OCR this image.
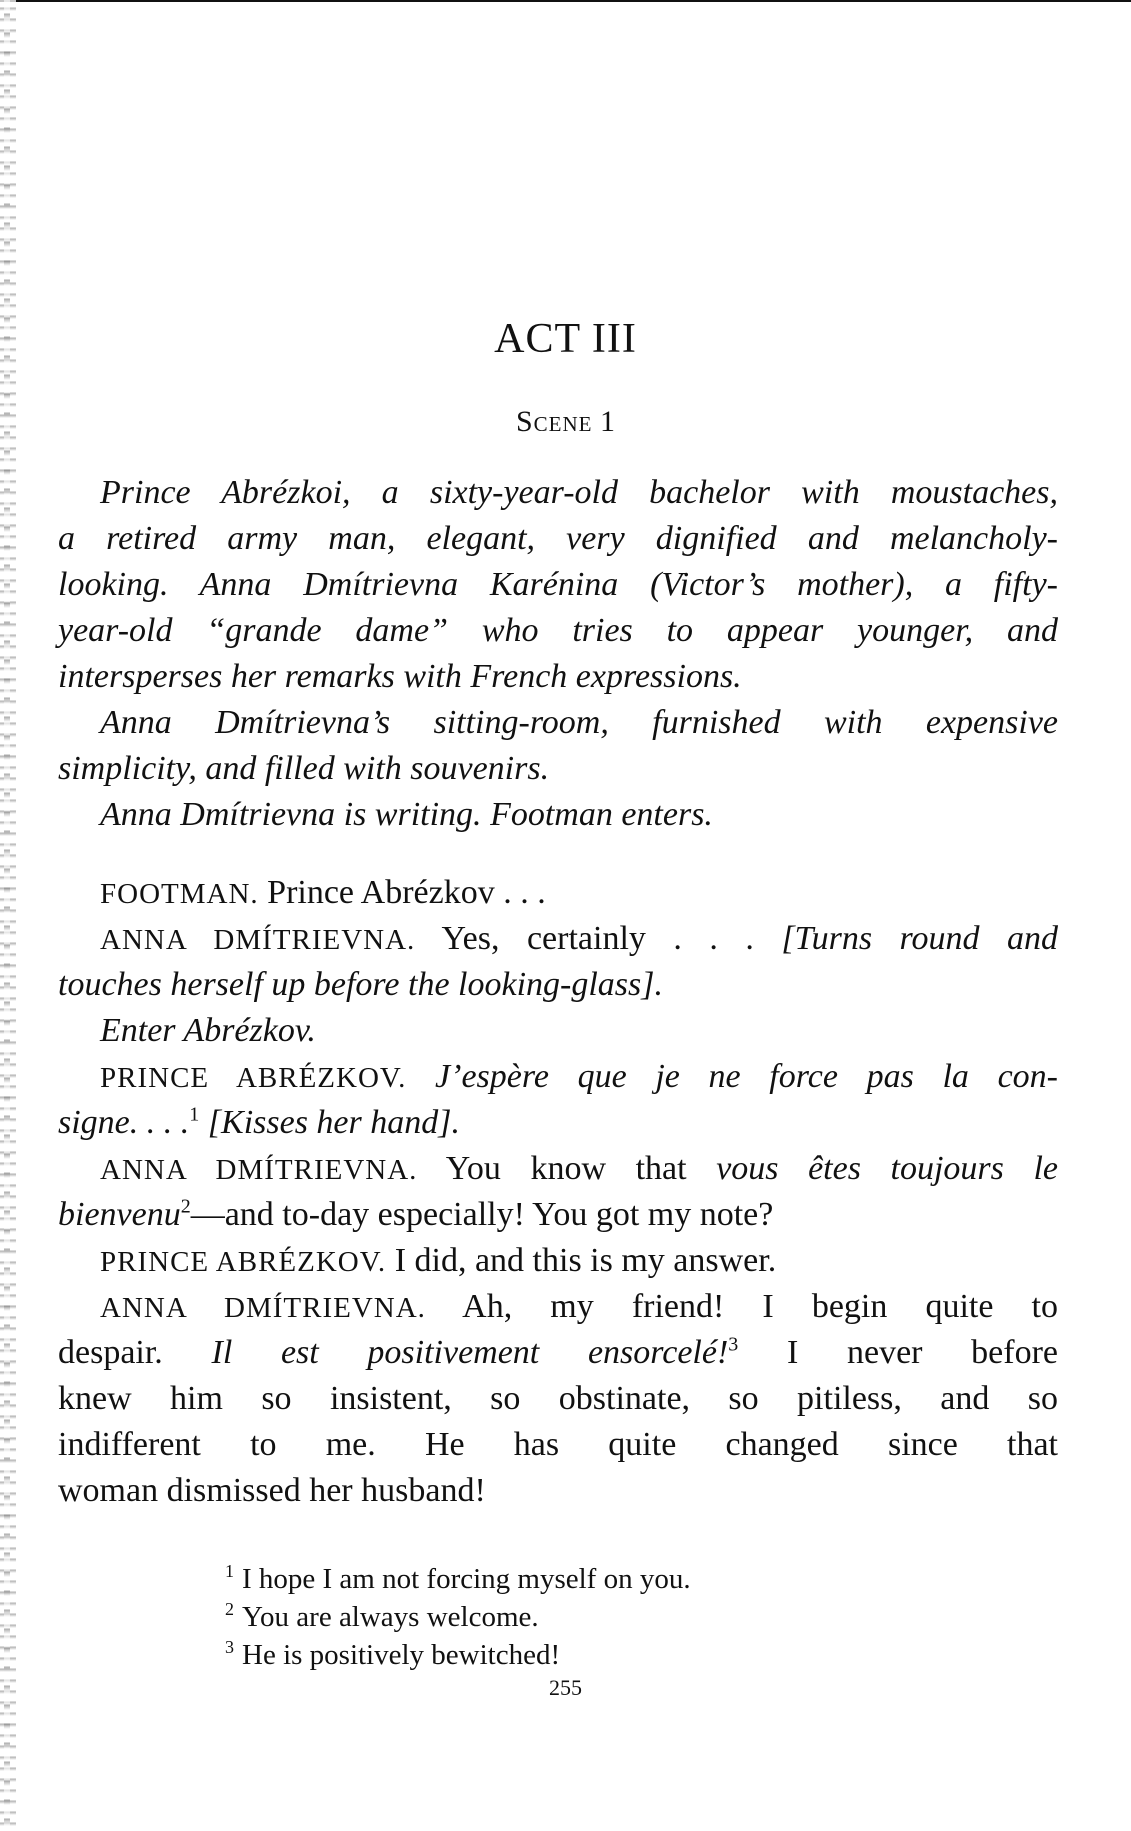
ACT III
Scene 1
Prince Abrézkoi, a sixty-year-old bachelor with moustaches,
a retired army man, elegant, very dignified and melancholy-
looking. Anna Dmítrievna Karénina (Victor’s mother), a fifty-
year-old “grande dame” who tries to appear younger, and
intersperses her remarks with French expressions.
Anna Dmítrievna’s sitting-room, furnished with expensive
simplicity, and filled with souvenirs.
Anna Dmítrievna is writing. Footman enters.
FOOTMAN. Prince Abrézkov . . .
ANNA DMÍTRIEVNA. Yes, certainly . . . [Turns round and
touches herself up before the looking-glass].
Enter Abrézkov.
PRINCE ABRÉZKOV. J’espère que je ne force pas la con-
signe. . . .$^1$ [Kisses her hand].
ANNA DMÍTRIEVNA. You know that vous êtes toujours le
bienvenu$^2$—and to-day especially! You got my note?
PRINCE ABRÉZKOV. I did, and this is my answer.
ANNA DMÍTRIEVNA. Ah, my friend! I begin quite to
despair. Il est positivement ensorcelé!$^3$ I never before
knew him so insistent, so obstinate, so pitiless, and so
indifferent to me. He has quite changed since that
woman dismissed her husband!
$^1$ I hope I am not forcing myself on you.
$^2$ You are always welcome.
$^3$ He is positively bewitched!
255
